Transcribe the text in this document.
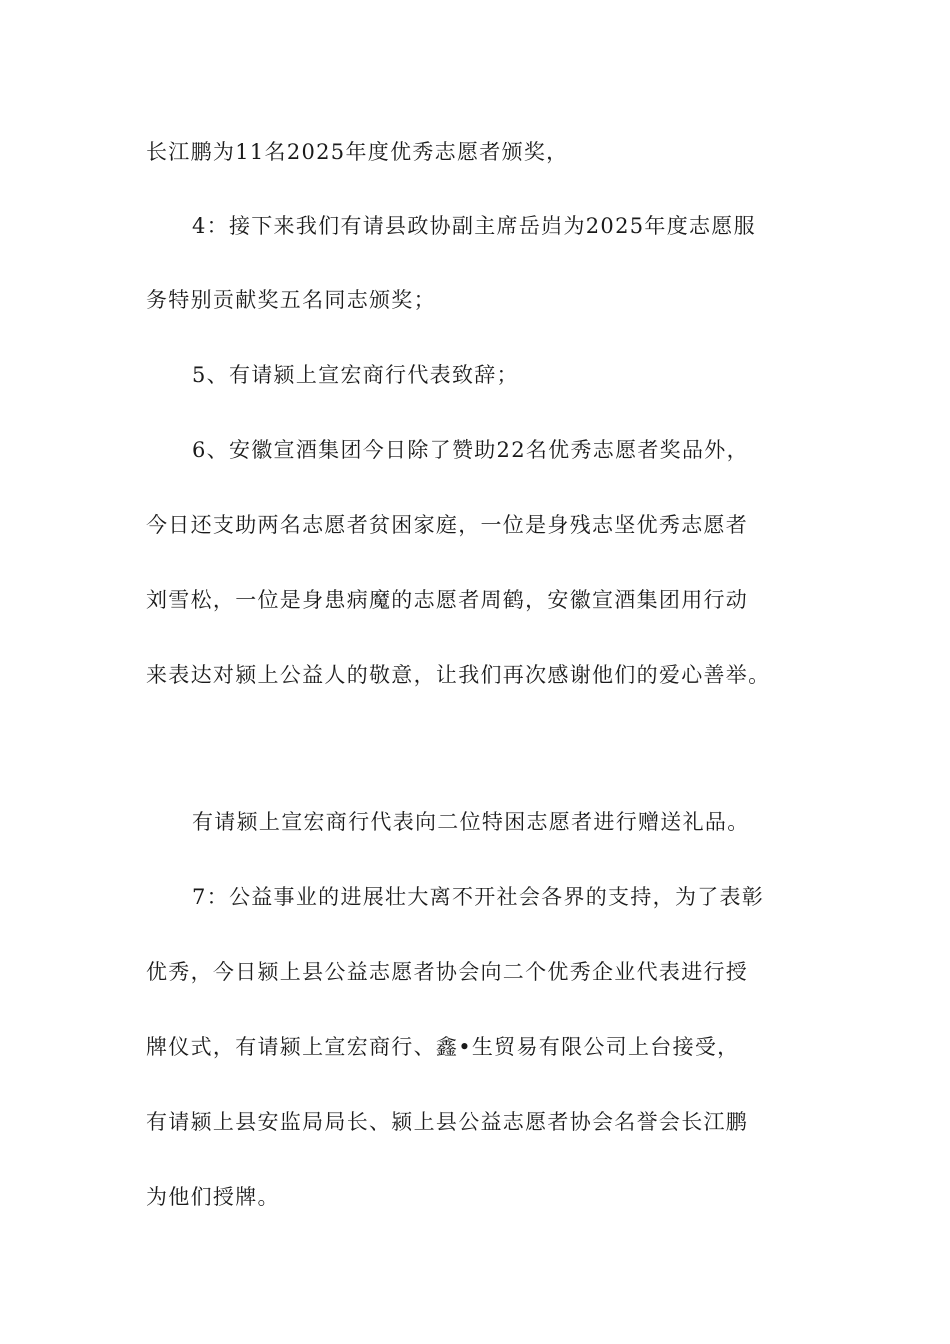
长江鹏为11名2025年度优秀志愿者颁奖，
4：接下来我们有请县政协副主席岳岿为2025年度志愿服
务特别贡献奖五名同志颁奖；
5、有请颍上宣宏商行代表致辞；
6、安徽宣酒集团今日除了赞助22名优秀志愿者奖品外，
今日还支助两名志愿者贫困家庭，一位是身残志坚优秀志愿者
刘雪松，一位是身患病魔的志愿者周鹤，安徽宣酒集团用行动
来表达对颍上公益人的敬意，让我们再次感谢他们的爱心善举。
有请颍上宣宏商行代表向二位特困志愿者进行赠送礼品。
7：公益事业的进展壮大离不开社会各界的支持，为了表彰
优秀，今日颍上县公益志愿者协会向二个优秀企业代表进行授
牌仪式，有请颍上宣宏商行、鑫•生贸易有限公司上台接受，
有请颍上县安监局局长、颍上县公益志愿者协会名誉会长江鹏
为他们授牌。
